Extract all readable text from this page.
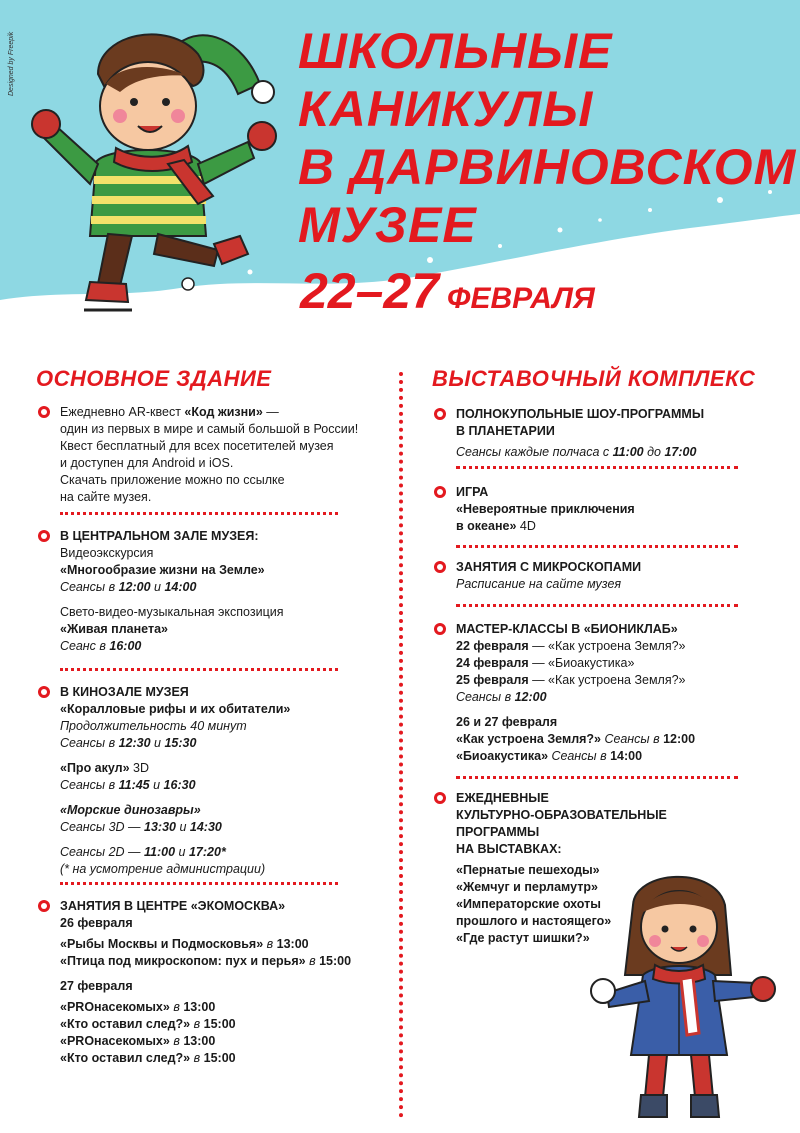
Designed by Freepik	ШКОЛЬНЫЕ
КАНИКУЛЫ
В ДАРВИНОВСКОМ
МУЗЕЕ
22–27 ФЕВРАЛЯ
ОСНОВНОЕ ЗДАНИЕ	ВЫСТАВОЧНЫЙ КОМПЛЕКС
Ежедневно AR-квест «Код жизни» —
один из первых в мире и самый большой в России!
Квест бесплатный для всех посетителей музея
и доступен для Android и iOS.
Скачать приложение можно по ссылке
на сайте музея.
В ЦЕНТРАЛЬНОМ ЗАЛЕ МУЗЕЯ:
Видеоэкскурсия
«Многообразие жизни на Земле»
Сеансы в 12:00 и 14:00
Свето-видео-музыкальная экспозиция
«Живая планета»
Сеанс в 16:00
В КИНОЗАЛЕ МУЗЕЯ
«Коралловые рифы и их обитатели»
Продолжительность 40 минут
Сеансы в 12:30 и 15:30
«Про акул» 3D
Сеансы в 11:45 и 16:30
«Морские динозавры»
Сеансы 3D — 13:30 и 14:30
Сеансы 2D — 11:00 и 17:20*
(* на усмотрение администрации)
ЗАНЯТИЯ В ЦЕНТРЕ «ЭКОМОСКВА»
26 февраля
«Рыбы Москвы и Подмосковья» в 13:00
«Птица под микроскопом: пух и перья» в 15:00
27 февраля
«PROнасекомых» в 13:00
«Кто оставил след?» в 15:00
«PROнасекомых» в 13:00
«Кто оставил след?» в 15:00
ПОЛНОКУПОЛЬНЫЕ ШОУ-ПРОГРАММЫ
В ПЛАНЕТАРИИ
Сеансы каждые полчаса с 11:00 до 17:00
ИГРА
«Невероятные приключения
в океане» 4D
ЗАНЯТИЯ С МИКРОСКОПАМИ
Расписание на сайте музея
МАСТЕР-КЛАССЫ В «БИОНИКЛАБ»
22 февраля — «Как устроена Земля?»
24 февраля — «Биоакустика»
25 февраля — «Как устроена Земля?»
Сеансы в 12:00
26 и 27 февраля
«Как устроена Земля?» Сеансы в 12:00
«Биоакустика» Сеансы в 14:00
ЕЖЕДНЕВНЫЕ
КУЛЬТУРНО-ОБРАЗОВАТЕЛЬНЫЕ
ПРОГРАММЫ
НА ВЫСТАВКАХ:
«Пернатые пешеходы»
«Жемчуг и перламутр»
«Императорские охоты
прошлого и настоящего»
«Где растут шишки?»
